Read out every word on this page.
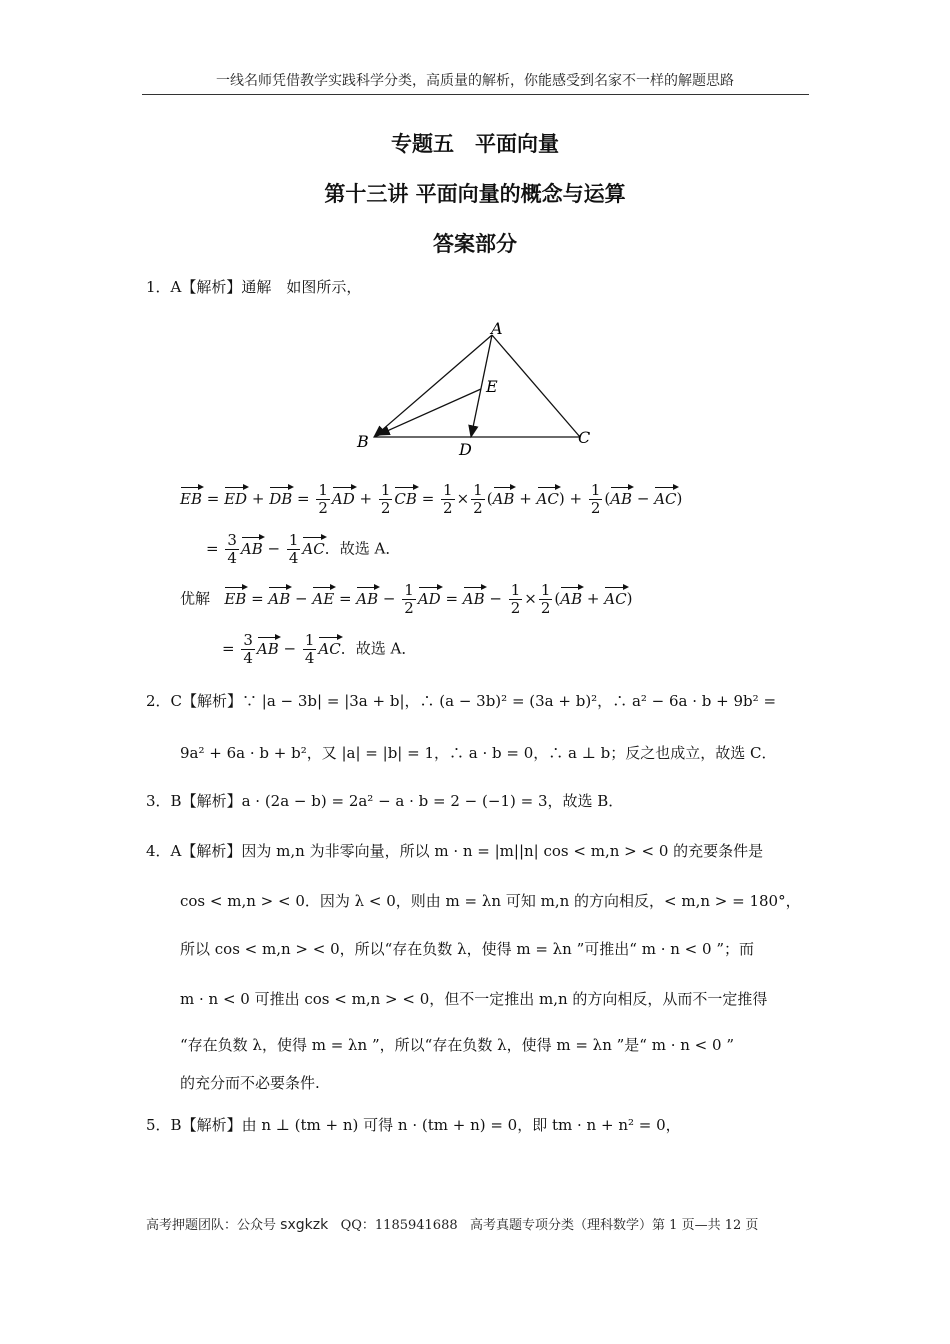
一线名师凭借教学实践科学分类，高质量的解析，你能感受到名家不一样的解题思路
专题五　平面向量
第十三讲 平面向量的概念与运算
答案部分
1．A【解析】通解　如图所示，
A
E
B	C
D
EB = ED + DB = $\frac{1}{2}$ AD + $\frac{1}{2}$ CB = $\frac{1}{2} \times \frac{1}{2} (AB + AC) + \frac{1}{2} (AB - AC)$
= $\frac{3}{4}$ AB − $\frac{1}{4}$ AC．故选 A．
优解 EB = AB − AE = AB − $\frac{1}{2}$ AD = AB − $\frac{1}{2} \times \frac{1}{2} (AB + AC)$
= $\frac{3}{4}$ AB − $\frac{1}{4}$ AC．故选 A．
2．C【解析】∵ |a − 3b| = |3a + b|，∴ (a − 3b)² = (3a + b)²，∴ a² − 6a · b + 9b² =
9a² + 6a · b + b²，又 |a| = |b| = 1，∴ a · b = 0，∴ a ⊥ b；反之也成立，故选 C．
3．B【解析】a · (2a − b) = 2a² − a · b = 2 − (−1) = 3，故选 B．
4．A【解析】因为 m,n 为非零向量，所以 m · n = |m||n| cos < m,n > < 0 的充要条件是
cos < m,n > < 0．因为 λ < 0，则由 m = λn 可知 m,n 的方向相反，< m,n > = 180°，
所以 cos < m,n > < 0，所以“存在负数 λ，使得 m = λn ”可推出“ m · n < 0 ”；而
m · n < 0 可推出 cos < m,n > < 0，但不一定推出 m,n 的方向相反，从而不一定推得
“存在负数 λ，使得 m = λn ”，所以“存在负数 λ，使得 m = λn ”是“ m · n < 0 ”
的充分而不必要条件.
5．B【解析】由 n ⊥ (tm + n) 可得 n · (tm + n) = 0，即 tm · n + n² = 0，
高考押题团队：公众号 sxgkzk QQ：1185941688 高考真题专项分类（理科数学）第 1 页—共 12 页
